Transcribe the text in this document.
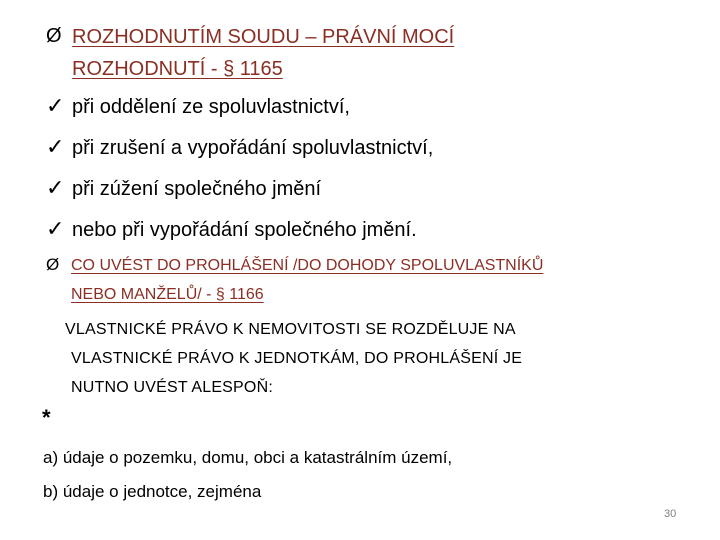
Ø ROZHODNUTÍM SOUDU – PRÁVNÍ MOCÍ
ROZHODNUTÍ - § 1165
✓ při oddělení ze spoluvlastnictví,
✓ při zrušení a vypořádání spoluvlastnictví,
✓ při zúžení společného jmění
✓ nebo při vypořádání společného jmění.
Ø CO UVÉST DO PROHLÁŠENÍ /DO DOHODY SPOLUVLASTNÍKŮ
NEBO MANŽELŮ/ - § 1166
VLASTNICKÉ PRÁVO K NEMOVITOSTI SE ROZDĚLUJE NA
VLASTNICKÉ PRÁVO K JEDNOTKÁM, DO PROHLÁŠENÍ JE
NUTNO UVÉST ALESPOŇ:
*
a) údaje o pozemku, domu, obci a katastrálním území,
b) údaje o jednotce, zejména
30
